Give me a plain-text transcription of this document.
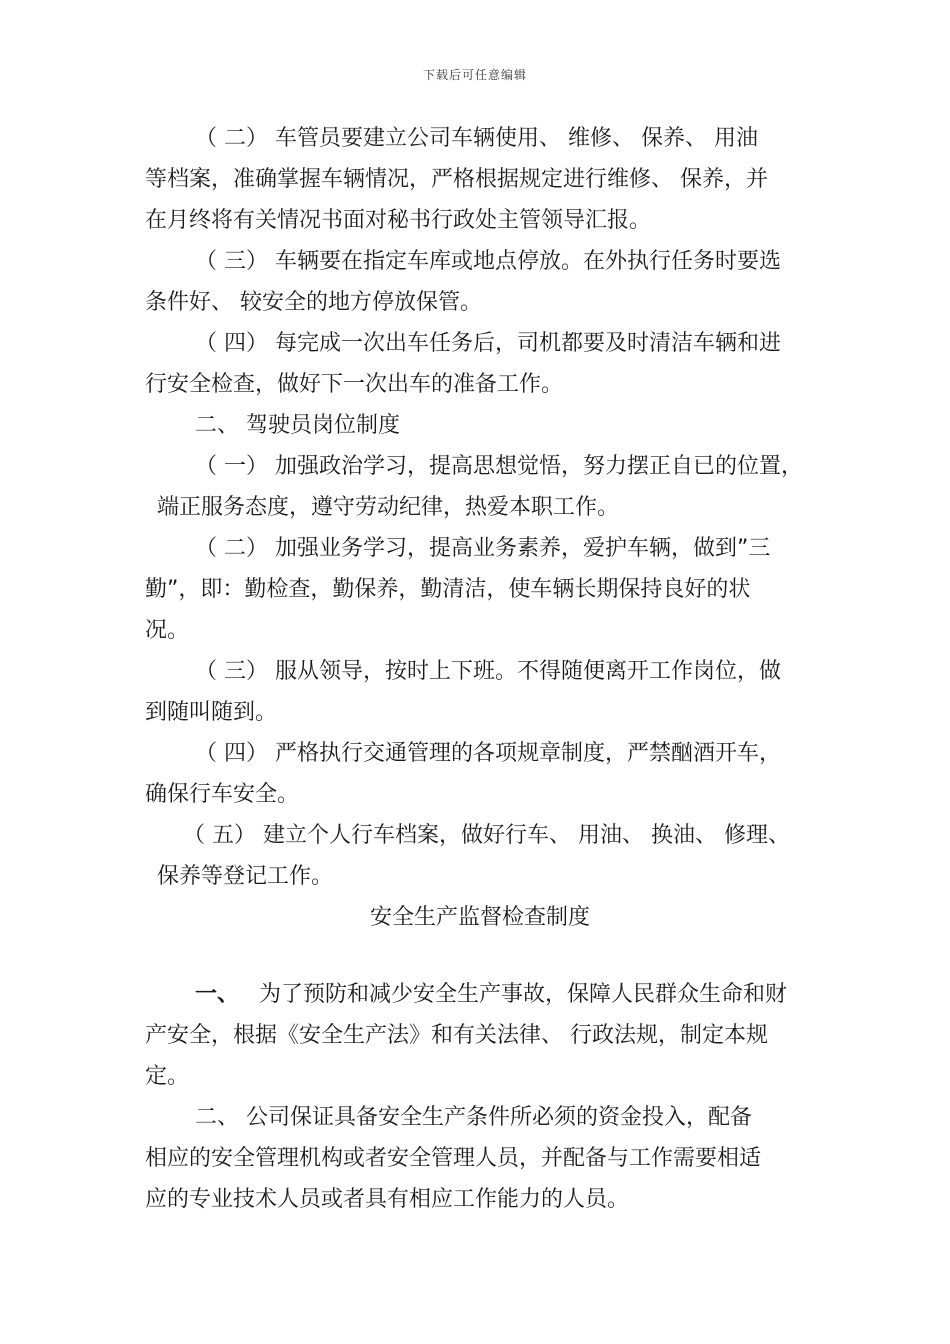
下载后可任意编辑

（ 二） 车管员要建立公司车辆使用、 维修、 保养、 用油

等档案，准确掌握车辆情况，严格根据规定进行维修、 保养，并

在月终将有关情况书面对秘书行政处主管领导汇报。

（ 三） 车辆要在指定车库或地点停放。在外执行任务时要选

条件好、 较安全的地方停放保管。

（ 四） 每完成一次出车任务后，司机都要及时清洁车辆和进

行安全检查，做好下一次出车的准备工作。

二、 驾驶员岗位制度

（ 一） 加强政治学习，提高思想觉悟，努力摆正自已的位置，

端正服务态度，遵守劳动纪律，热爱本职工作。

（ 二） 加强业务学习，提高业务素养，爱护车辆，做到”三

勤”，即：勤检查，勤保养，勤清洁，使车辆长期保持良好的状

况。

（ 三） 服从领导，按时上下班。不得随便离开工作岗位，做

到随叫随到。

（ 四） 严格执行交通管理的各项规章制度，严禁酗酒开车，

确保行车安全。

（ 五） 建立个人行车档案，做好行车、 用油、 换油、 修理、

保养等登记工作。

安全生产监督检查制度

一、 为了预防和减少安全生产事故，保障人民群众生命和财

产安全，根据《安全生产法》和有关法律、 行政法规，制定本规

定。

二、 公司保证具备安全生产条件所必须的资金投入，配备

相应的安全管理机构或者安全管理人员，并配备与工作需要相适

应的专业技术人员或者具有相应工作能力的人员。
